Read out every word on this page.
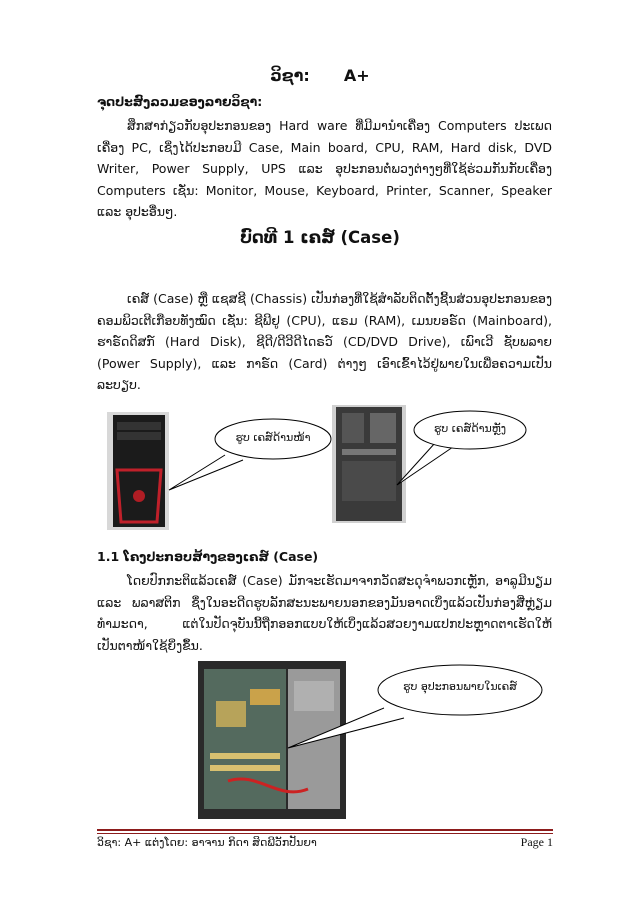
ວິຊາ: A+
ຈຸດປະສົງລວມຂອງລາຍວິຊາ:
ສຶກສາກ່ຽວກັບອຸປະກອນຂອງ Hard ware ທີ່ມີມານຳເຄື່ອງ Computers ປະເພດ ເຄື່ອງ PC, ເຊິ່ງໄດ້ປະກອບມີ Case, Main board, CPU, RAM, Hard disk, DVD Writer, Power Supply, UPS ແລະ ອຸປະກອນຕໍ່ພວງຕ່າງໆທີ່ໃຊ້ຮ່ວມກັນກັບເຄື່ອງ Computers ເຊັ່ນ: Monitor, Mouse, Keyboard, Printer, Scanner, Speaker ແລະ ອຸປະອື່ນໆ.
ບົດທີ 1 ເຄສ໌ (Case)
ເຄສ໌ (Case) ຫຼື ແຊສຊີ (Chassis) ເປັນກ່ອງທີ່ໃຊ້ສຳລັບຕິດຕັ້ງຊີ້ນສ່ວນອຸປະກອນຂອງຄອມພິວເຕີເກືອບທັງໝົດ ເຊັ່ນ: ຊີພີຢູ (CPU), ແຣມ (RAM), ເມນບອຣ໌ດ (Mainboard), ຮາຣ໌ດດິສກ໌ (Hard Disk), ຊີດີ/ດີວີດີໄດຣວ໌ (CD/DVD Drive), ເພົາເວີ ຊັບພລາຍ (Power Supply), ແລະ ກາຣ໌ດ (Card) ຕ່າງໆ ເອົາເຂົ້າໄວ້ຢູ່ພາຍໃນເພື່ອຄວາມເປັນລະບຽບ.
ຮູບ ເຄສ໌ດ້ານໜ້າ
ຮູບ ເຄສ໌ດ້ານຫຼັງ
1.1 ໂຄງປະກອບສ້າງຂອງເຄສ໌ (Case)
ໂດຍປົກກະຕິແລ້ວເຄສ໌ (Case) ມັກຈະເຮັດມາຈາກວັດສະດຸຈຳພວກເຫຼັກ, ອາລູມີນຽມ ແລະ ພລາສຕິກ ຊຶ່ງໃນອະດີດຮູບລັກສະນະພາຍນອກຂອງມັນອາດເບິ່ງແລ້ວເປັນກ່ອງສີ່ຫຼ່ຽມທຳມະດາ, ແຕ່ໃນປັດຈຸບັນນີ້ຖືກອອກແບບໃຫ້ເບິ່ງແລ້ວສວຍງາມແປກປະຫຼາດຕາເຮັດໃຫ້ເປັນຕາໜ້າໃຊ້ຍິ່ງຂຶ້ນ.
ຮູບ ອຸປະກອນພາຍໃນເຄສ໌
ວິຊາ: A+ ແຕ່ງໂດຍ: ອາຈານ ກິດາ ສິດພີວັກປັນຍາ	Page 1
